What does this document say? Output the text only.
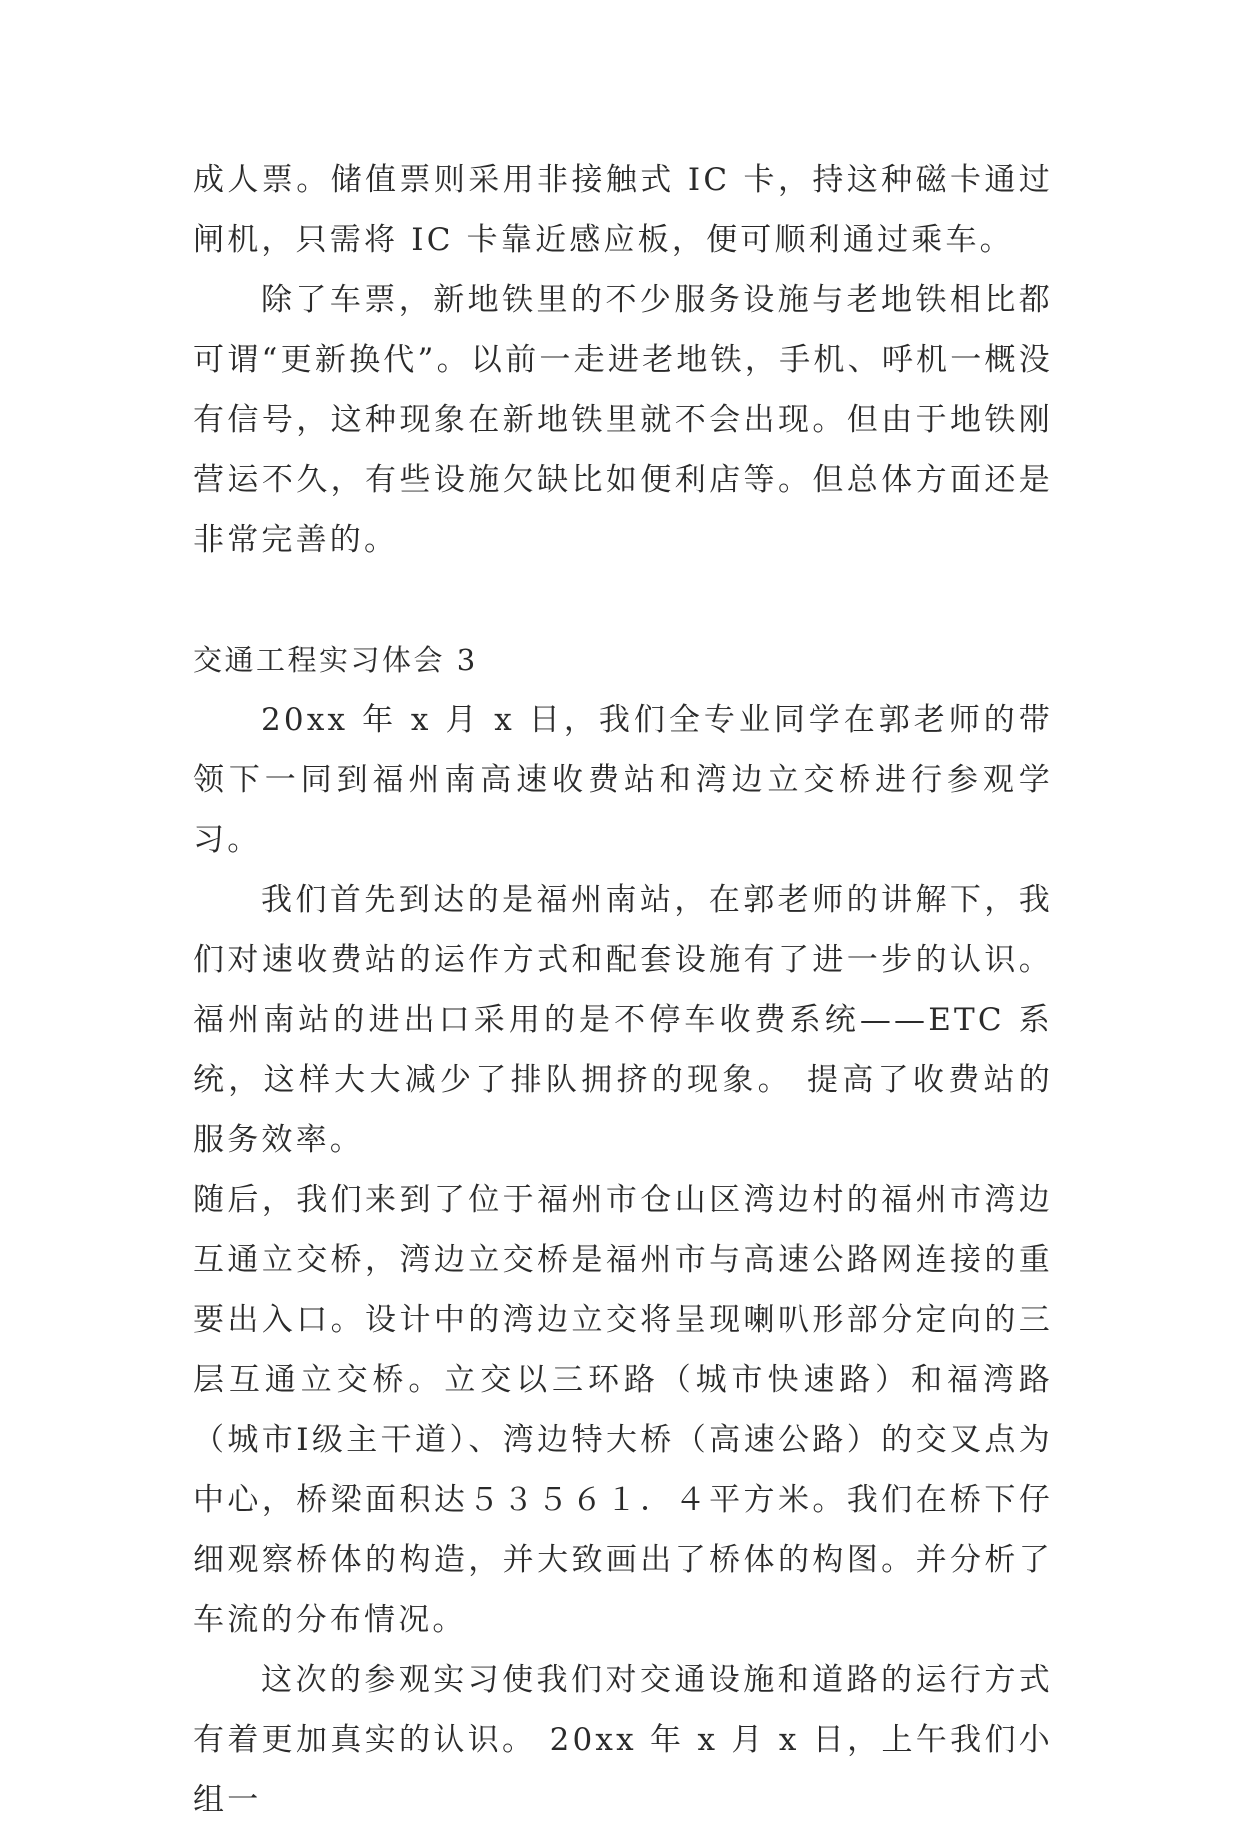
成人票。储值票则采用非接触式 IC 卡，持这种磁卡通过闸机，只需将 IC 卡靠近感应板，便可顺利通过乘车。

除了车票，新地铁里的不少服务设施与老地铁相比都可谓“更新换代”。以前一走进老地铁，手机、呼机一概没有信号，这种现象在新地铁里就不会出现。但由于地铁刚营运不久，有些设施欠缺比如便利店等。但总体方面还是非常完善的。

交通工程实习体会 3

20xx 年 x 月 x 日，我们全专业同学在郭老师的带领下一同到福州南高速收费站和湾边立交桥进行参观学习。

我们首先到达的是福州南站，在郭老师的讲解下，我们对速收费站的运作方式和配套设施有了进一步的认识。福州南站的进出口采用的是不停车收费系统——ETC 系统，这样大大减少了排队拥挤的现象。 提高了收费站的服务效率。

随后，我们来到了位于福州市仓山区湾边村的福州市湾边互通立交桥，湾边立交桥是福州市与高速公路网连接的重要出入口。设计中的湾边立交将呈现喇叭形部分定向的三层互通立交桥。立交以三环路（城市快速路）和福湾路（城市Ⅰ级主干道）、湾边特大桥（高速公路）的交叉点为中心，桥梁面积达５３５６１．４平方米。我们在桥下仔细观察桥体的构造，并大致画出了桥体的构图。并分析了车流的分布情况。

这次的参观实习使我们对交通设施和道路的运行方式有着更加真实的认识。 20xx 年 x 月 x 日，上午我们小组一
